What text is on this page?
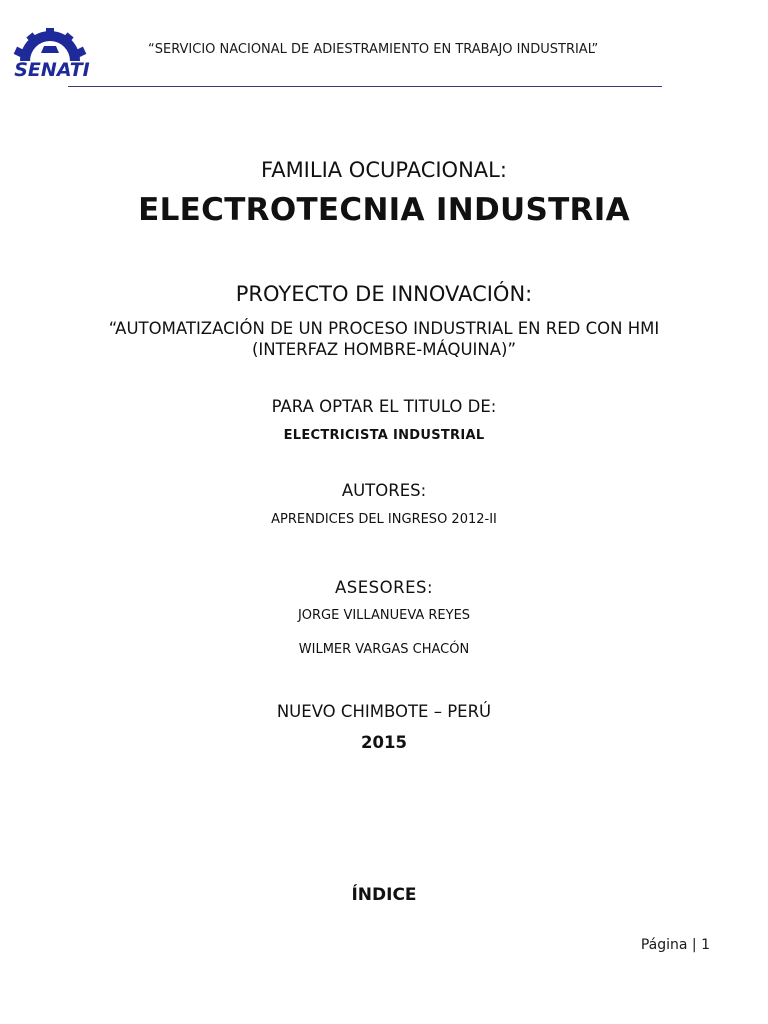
SENATI
“SERVICIO NACIONAL DE ADIESTRAMIENTO EN TRABAJO INDUSTRIAL”
FAMILIA OCUPACIONAL:
ELECTROTECNIA INDUSTRIA
PROYECTO DE INNOVACIÓN:
“AUTOMATIZACIÓN DE UN PROCESO INDUSTRIAL EN RED CON HMI
(INTERFAZ HOMBRE-MÁQUINA)”
PARA OPTAR EL TITULO DE:
ELECTRICISTA INDUSTRIAL
AUTORES:
APRENDICES DEL INGRESO 2012-II
ASESORES:
JORGE VILLANUEVA REYES
WILMER VARGAS CHACÓN
NUEVO CHIMBOTE – PERÚ
2015
ÍNDICE
Página | 1
